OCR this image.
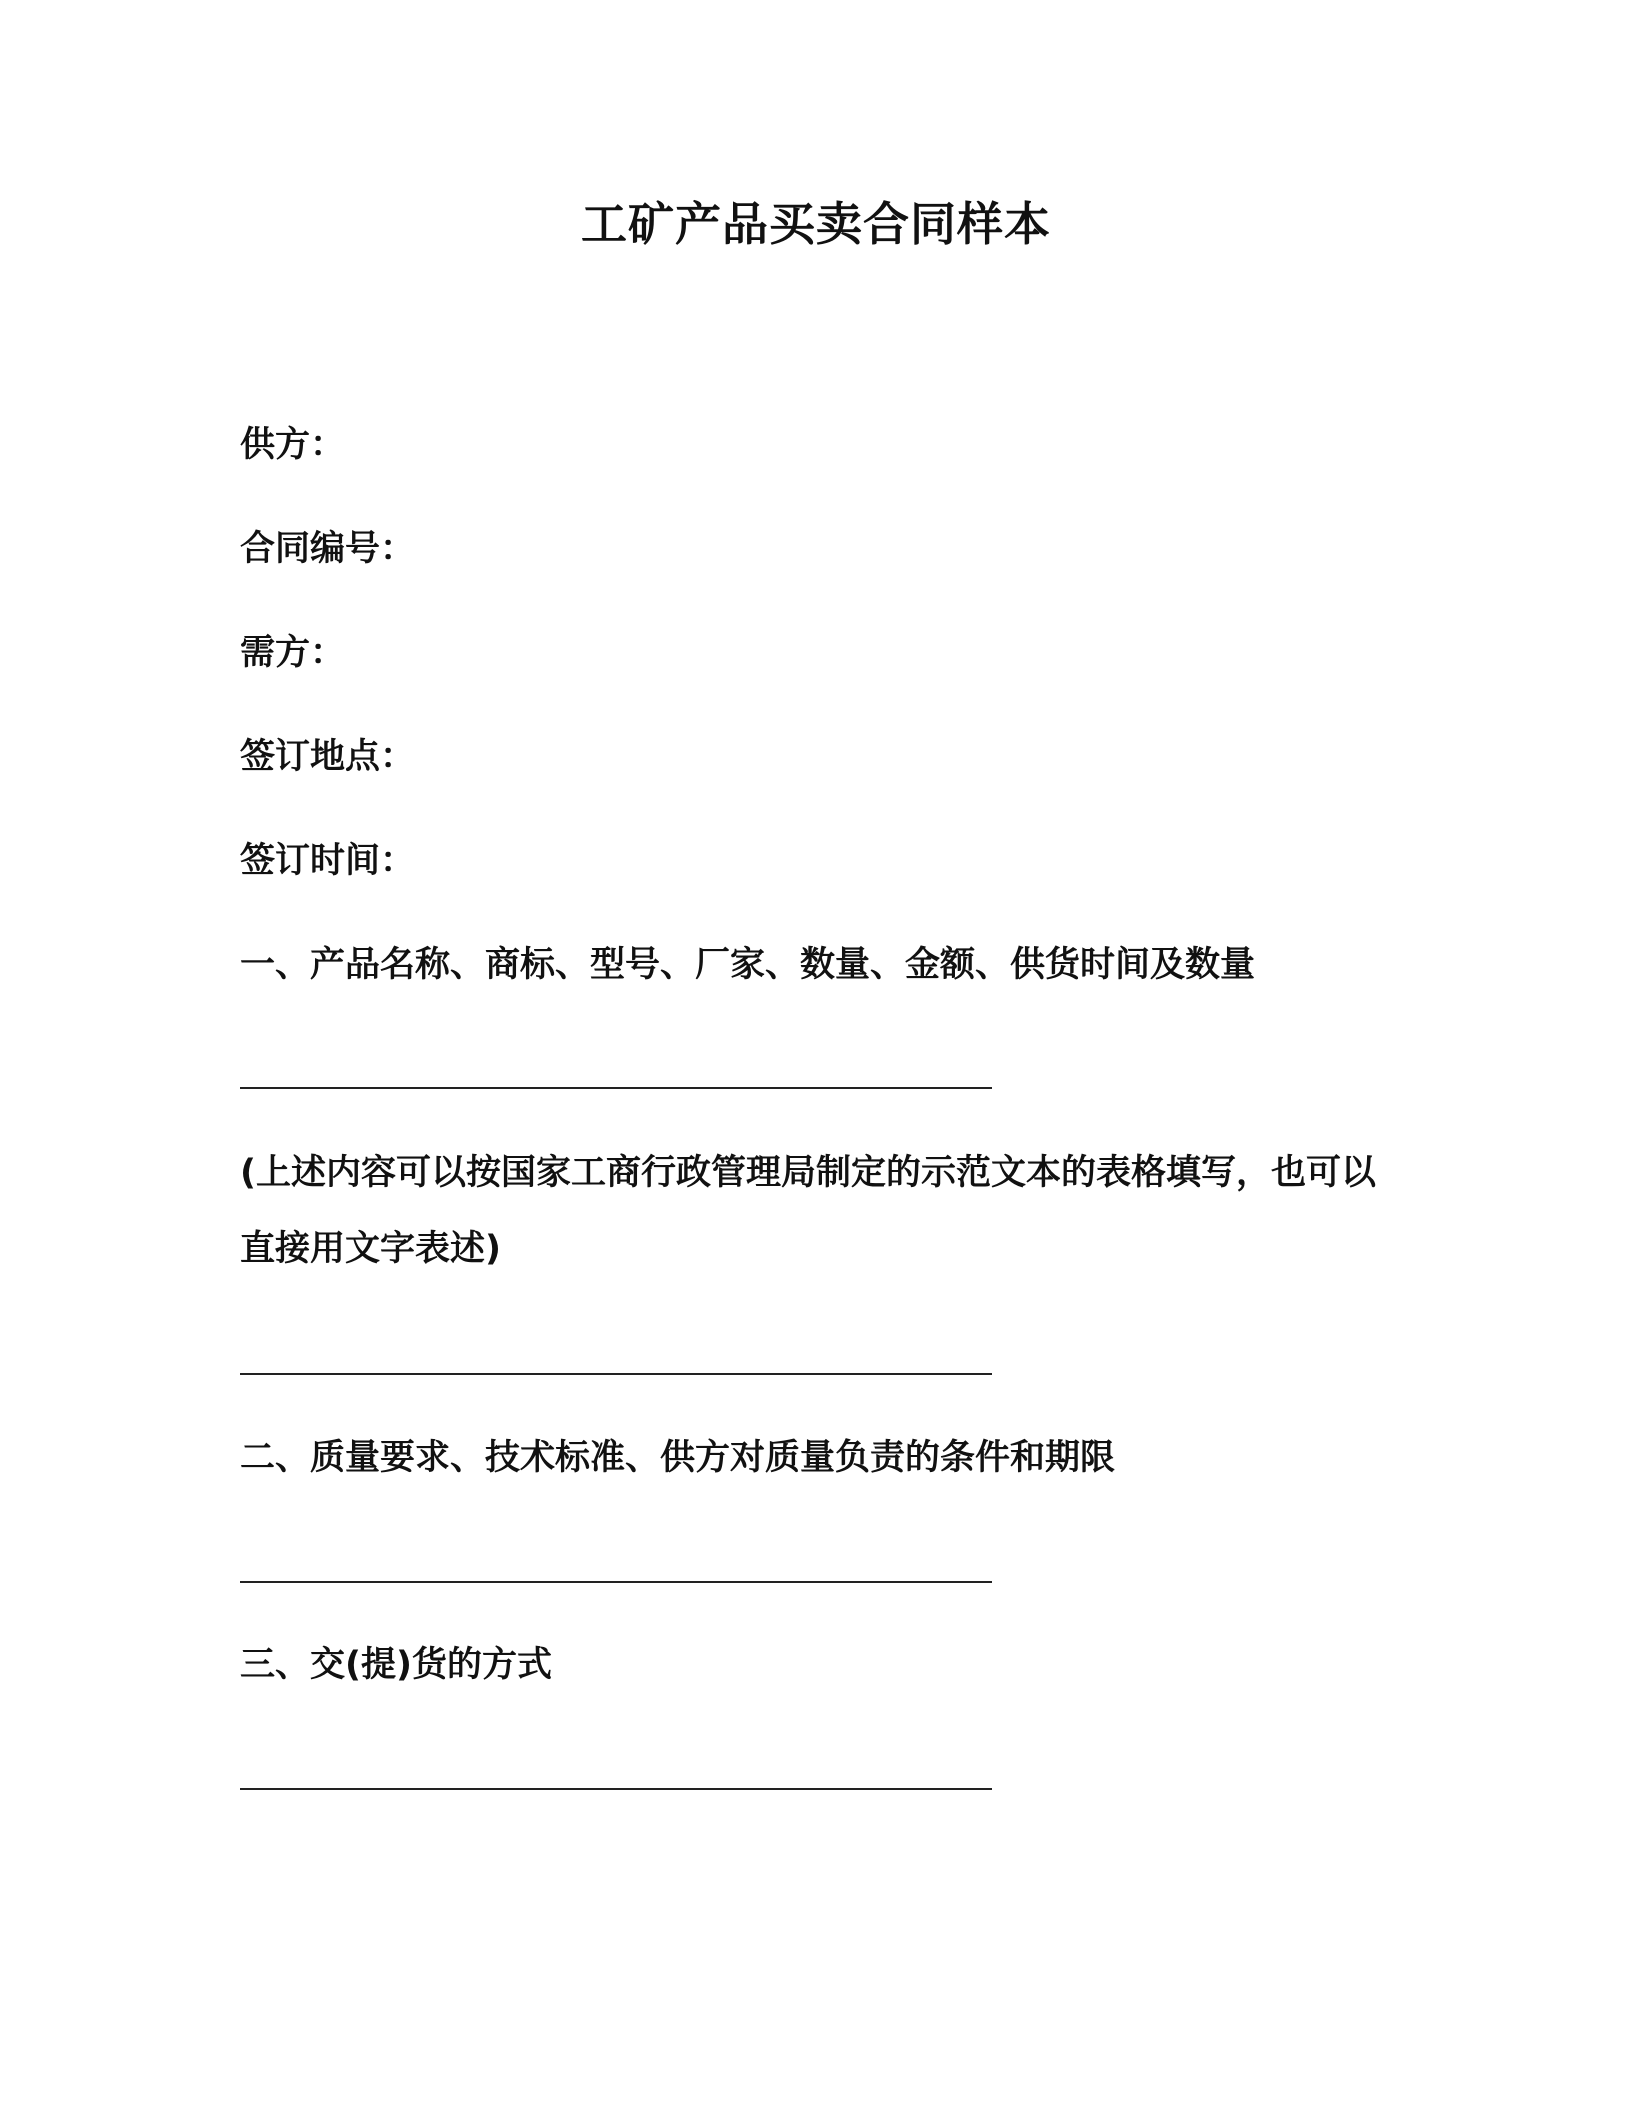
工矿产品买卖合同样本
供方：
合同编号：
需方：
签订地点：
签订时间：
一、产品名称、商标、型号、厂家、数量、金额、供货时间及数量
(上述内容可以按国家工商行政管理局制定的示范文本的表格填写，也可以直接用文字表述)
二、质量要求、技术标准、供方对质量负责的条件和期限
三、交(提)货的方式
